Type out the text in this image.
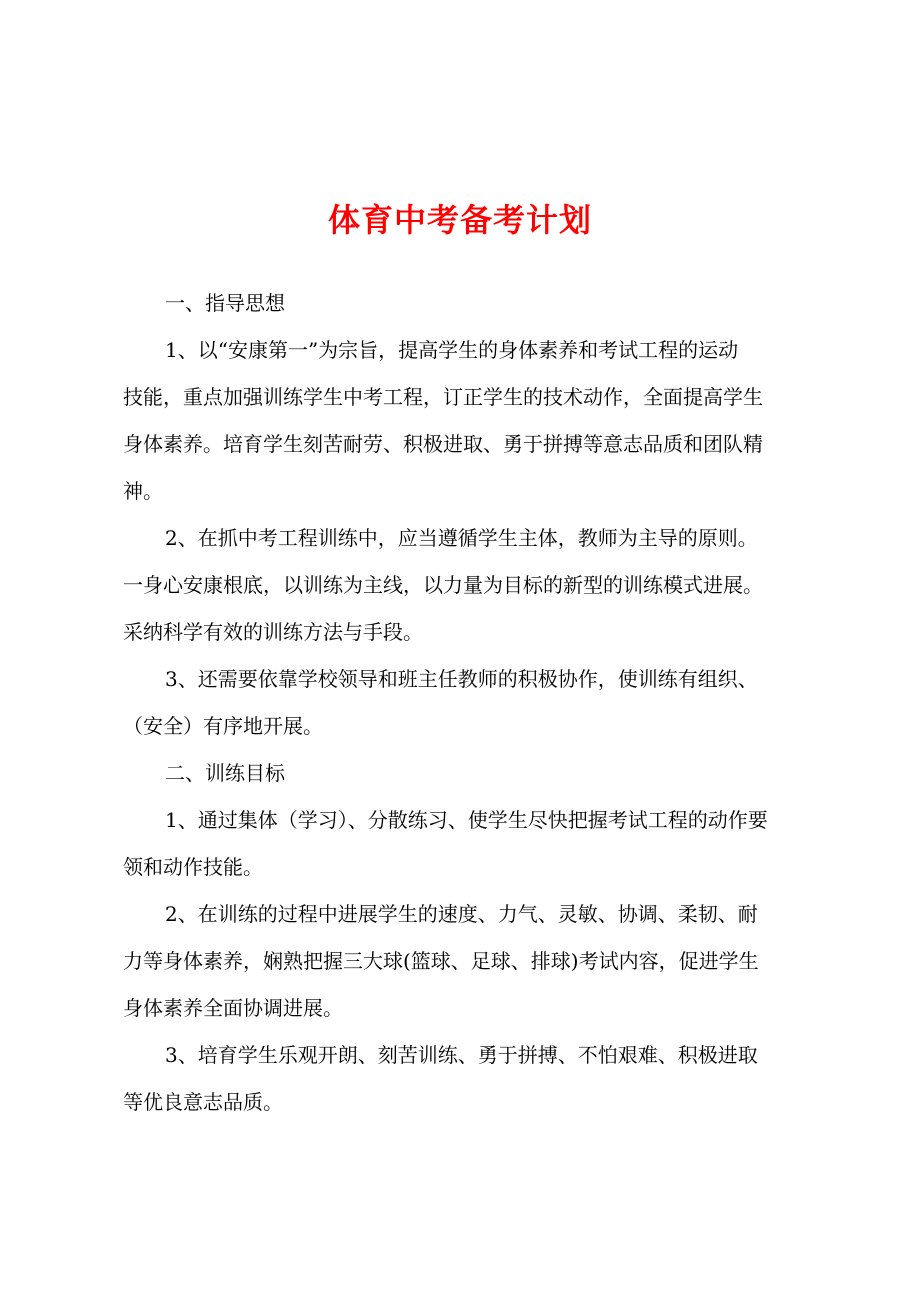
体育中考备考计划

一、指导思想

1、以“安康第一”为宗旨，提高学生的身体素养和考试工程的运动

技能，重点加强训练学生中考工程，订正学生的技术动作，全面提高学生

身体素养。培育学生刻苦耐劳、积极进取、勇于拼搏等意志品质和团队精

神。

2、在抓中考工程训练中，应当遵循学生主体，教师为主导的原则。

一身心安康根底，以训练为主线，以力量为目标的新型的训练模式进展。

采纳科学有效的训练方法与手段。

3、还需要依靠学校领导和班主任教师的积极协作，使训练有组织、

（安全）有序地开展。

二、训练目标

1、通过集体（学习）、分散练习、使学生尽快把握考试工程的动作要

领和动作技能。

2、在训练的过程中进展学生的速度、力气、灵敏、协调、柔韧、耐

力等身体素养，娴熟把握三大球(篮球、足球、排球)考试内容，促进学生

身体素养全面协调进展。

3、培育学生乐观开朗、刻苦训练、勇于拼搏、不怕艰难、积极进取

等优良意志品质。
